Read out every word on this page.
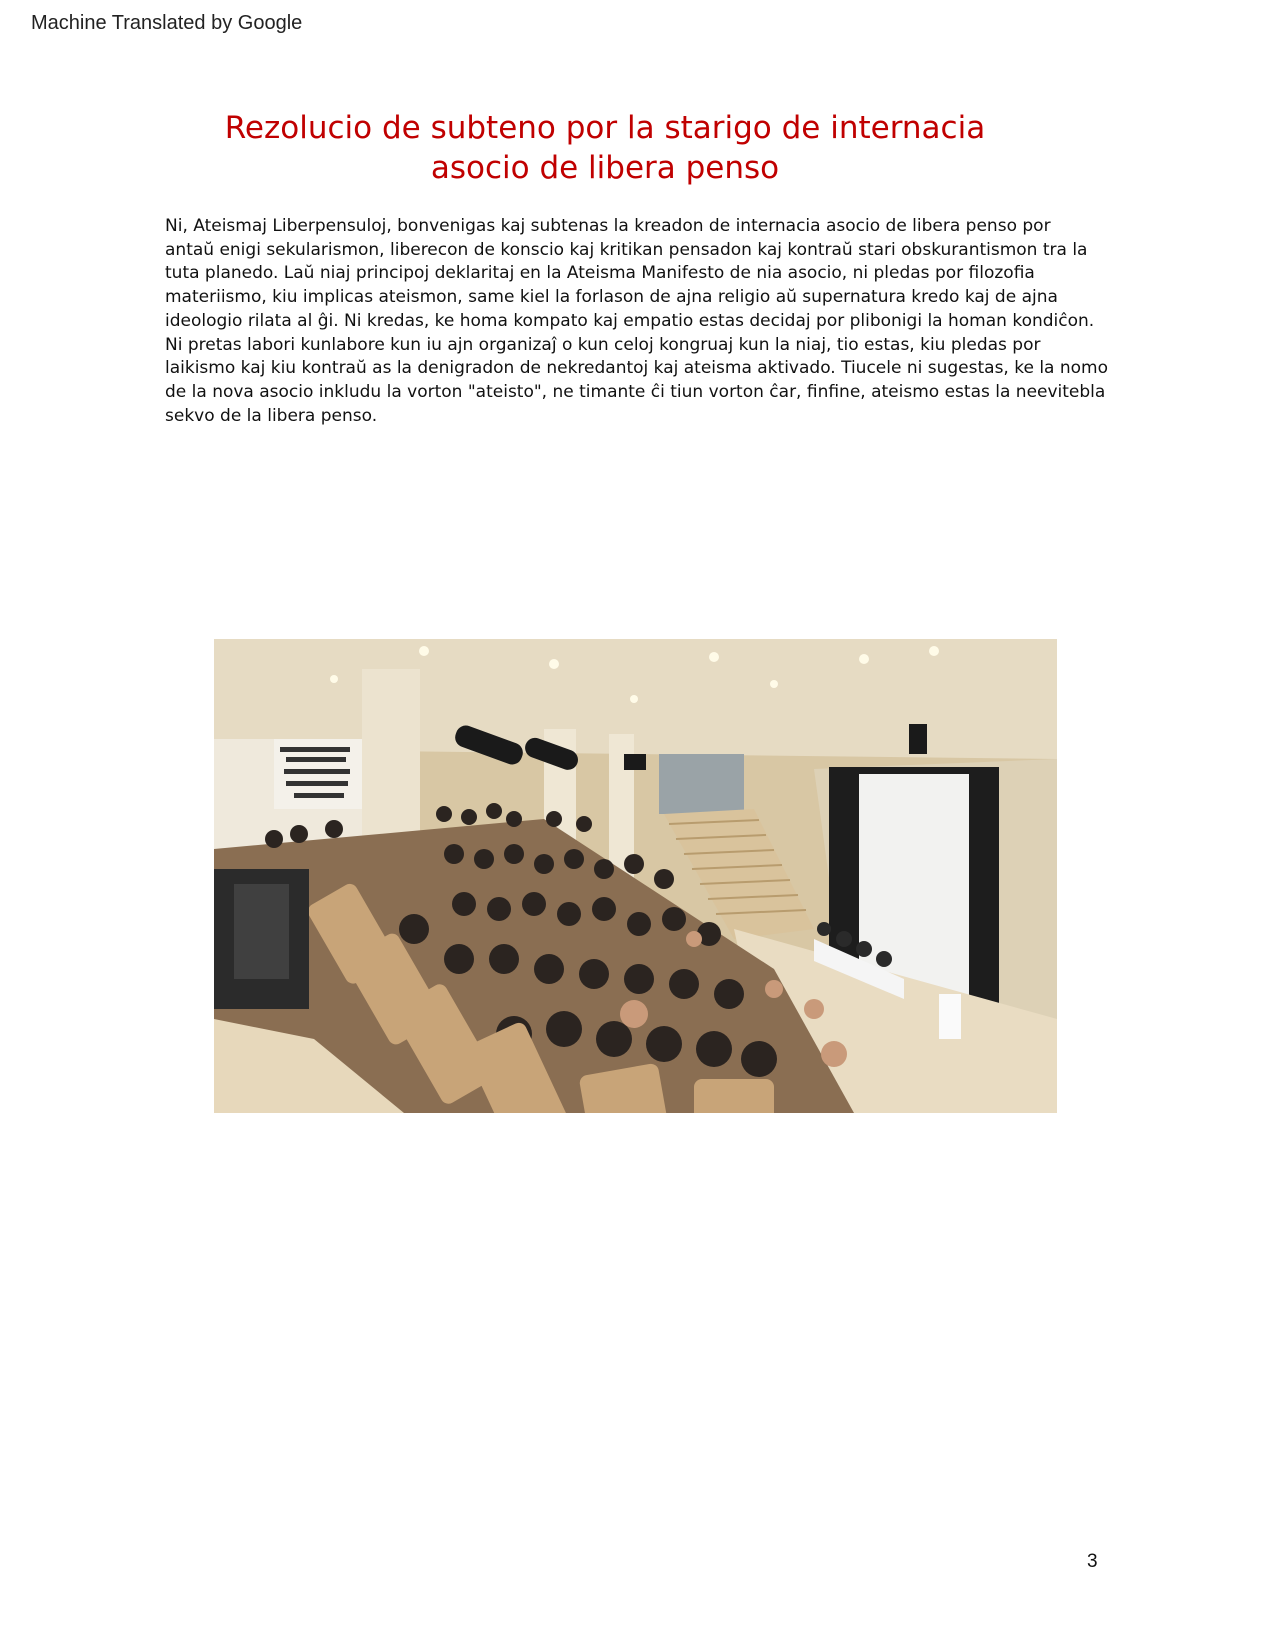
Machine Translated by Google
Rezolucio de subteno por la starigo de internacia
asocio de libera penso
Ni, Ateismaj Liberpensuloj, bonvenigas kaj subtenas la kreadon de internacia asocio de libera penso por
antaŭ enigi sekularismon, liberecon de konscio kaj kritikan pensadon kaj kontraŭ stari obskurantismon tra la
tuta planedo. Laŭ niaj principoj deklaritaj en la Ateisma Manifesto de nia asocio, ni pledas por filozofia
materiismo, kiu implicas ateismon, same kiel la forlason de ajna religio aŭ supernatura kredo kaj de ajna
ideologio rilata al ĝi. Ni kredas, ke homa kompato kaj empatio estas decidaj por plibonigi la homan kondiĉon.
Ni pretas labori kunlabore kun iu ajn organizaĵ o kun celoj kongruaj kun la niaj, tio estas, kiu pledas por
laikismo kaj kiu kontraŭ as la denigradon de nekredantoj kaj ateisma aktivado. Tiucele ni sugestas, ke la nomo
de la nova asocio inkludu la vorton "ateisto", ne timante ĉi tiun vorton ĉar, finfine, ateismo estas la neevitebla
sekvo de la libera penso.
3
